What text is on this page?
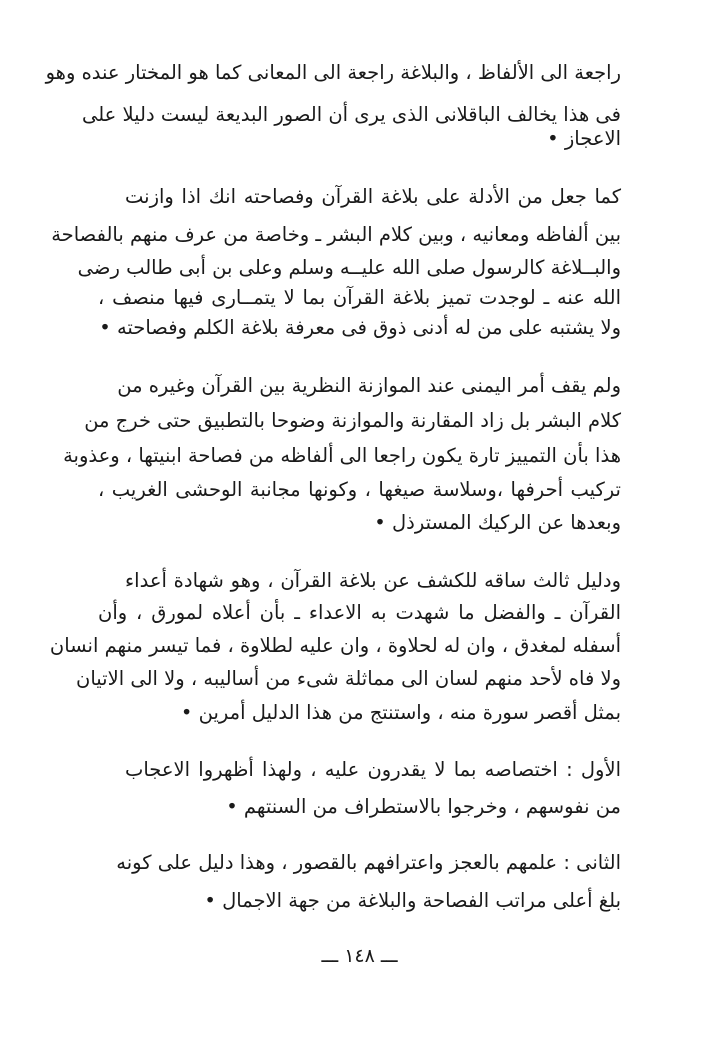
راجعة الى الألفاظ ، والبلاغة راجعة الى المعانى كما هو المختار عنده وهو
فى هذا يخالف الباقلانى الذى يرى أن الصور البديعة ليست دليلا على
الاعجاز •
كما جعل من الأدلة على بلاغة القرآن وفصاحته انك اذا وازنت
بين ألفاظه ومعانيه ، وبين كلام البشر ـ وخاصة من عرف منهم بالفصاحة
والبــلاغة كالرسول صلى الله عليــه وسلم وعلى بن أبى طالب رضى
الله عنه ـ لوجدت تميز بلاغة القرآن بما لا يتمــارى فيها منصف ،
ولا يشتبه على من له أدنى ذوق فى معرفة بلاغة الكلم وفصاحته •
ولم يقف أمر اليمنى عند الموازنة النظرية بين القرآن وغيره من
كلام البشر بل زاد المقارنة والموازنة وضوحا بالتطبيق حتى خرج من
هذا بأن التمييز تارة يكون راجعا الى ألفاظه من فصاحة ابنيتها ، وعذوبة
تركيب أحرفها ،وسلاسة صيغها ، وكونها مجانبة الوحشى الغريب ،
وبعدها عن الركيك المسترذل •
ودليل ثالث ساقه للكشف عن بلاغة القرآن ، وهو شهادة أعداء
القرآن ـ والفضل ما شهدت به الاعداء ـ بأن أعلاه لمورق ، وأن
أسفله لمغدق ، وان له لحلاوة ، وان عليه لطلاوة ، فما تيسر منهم انسان
ولا فاه لأحد منهم لسان الى مماثلة شىء من أساليبه ، ولا الى الاتيان
بمثل أقصر سورة منه ، واستنتج من هذا الدليل أمرين •
الأول : اختصاصه بما لا يقدرون عليه ، ولهذا أظهروا الاعجاب
من نفوسهم ، وخرجوا بالاستطراف من السنتهم •
الثانى : علمهم بالعجز واعترافهم بالقصور ، وهذا دليل على كونه
بلغ أعلى مراتب الفصاحة والبلاغة من جهة الاجمال •
ـــ ١٤٨ ـــ
